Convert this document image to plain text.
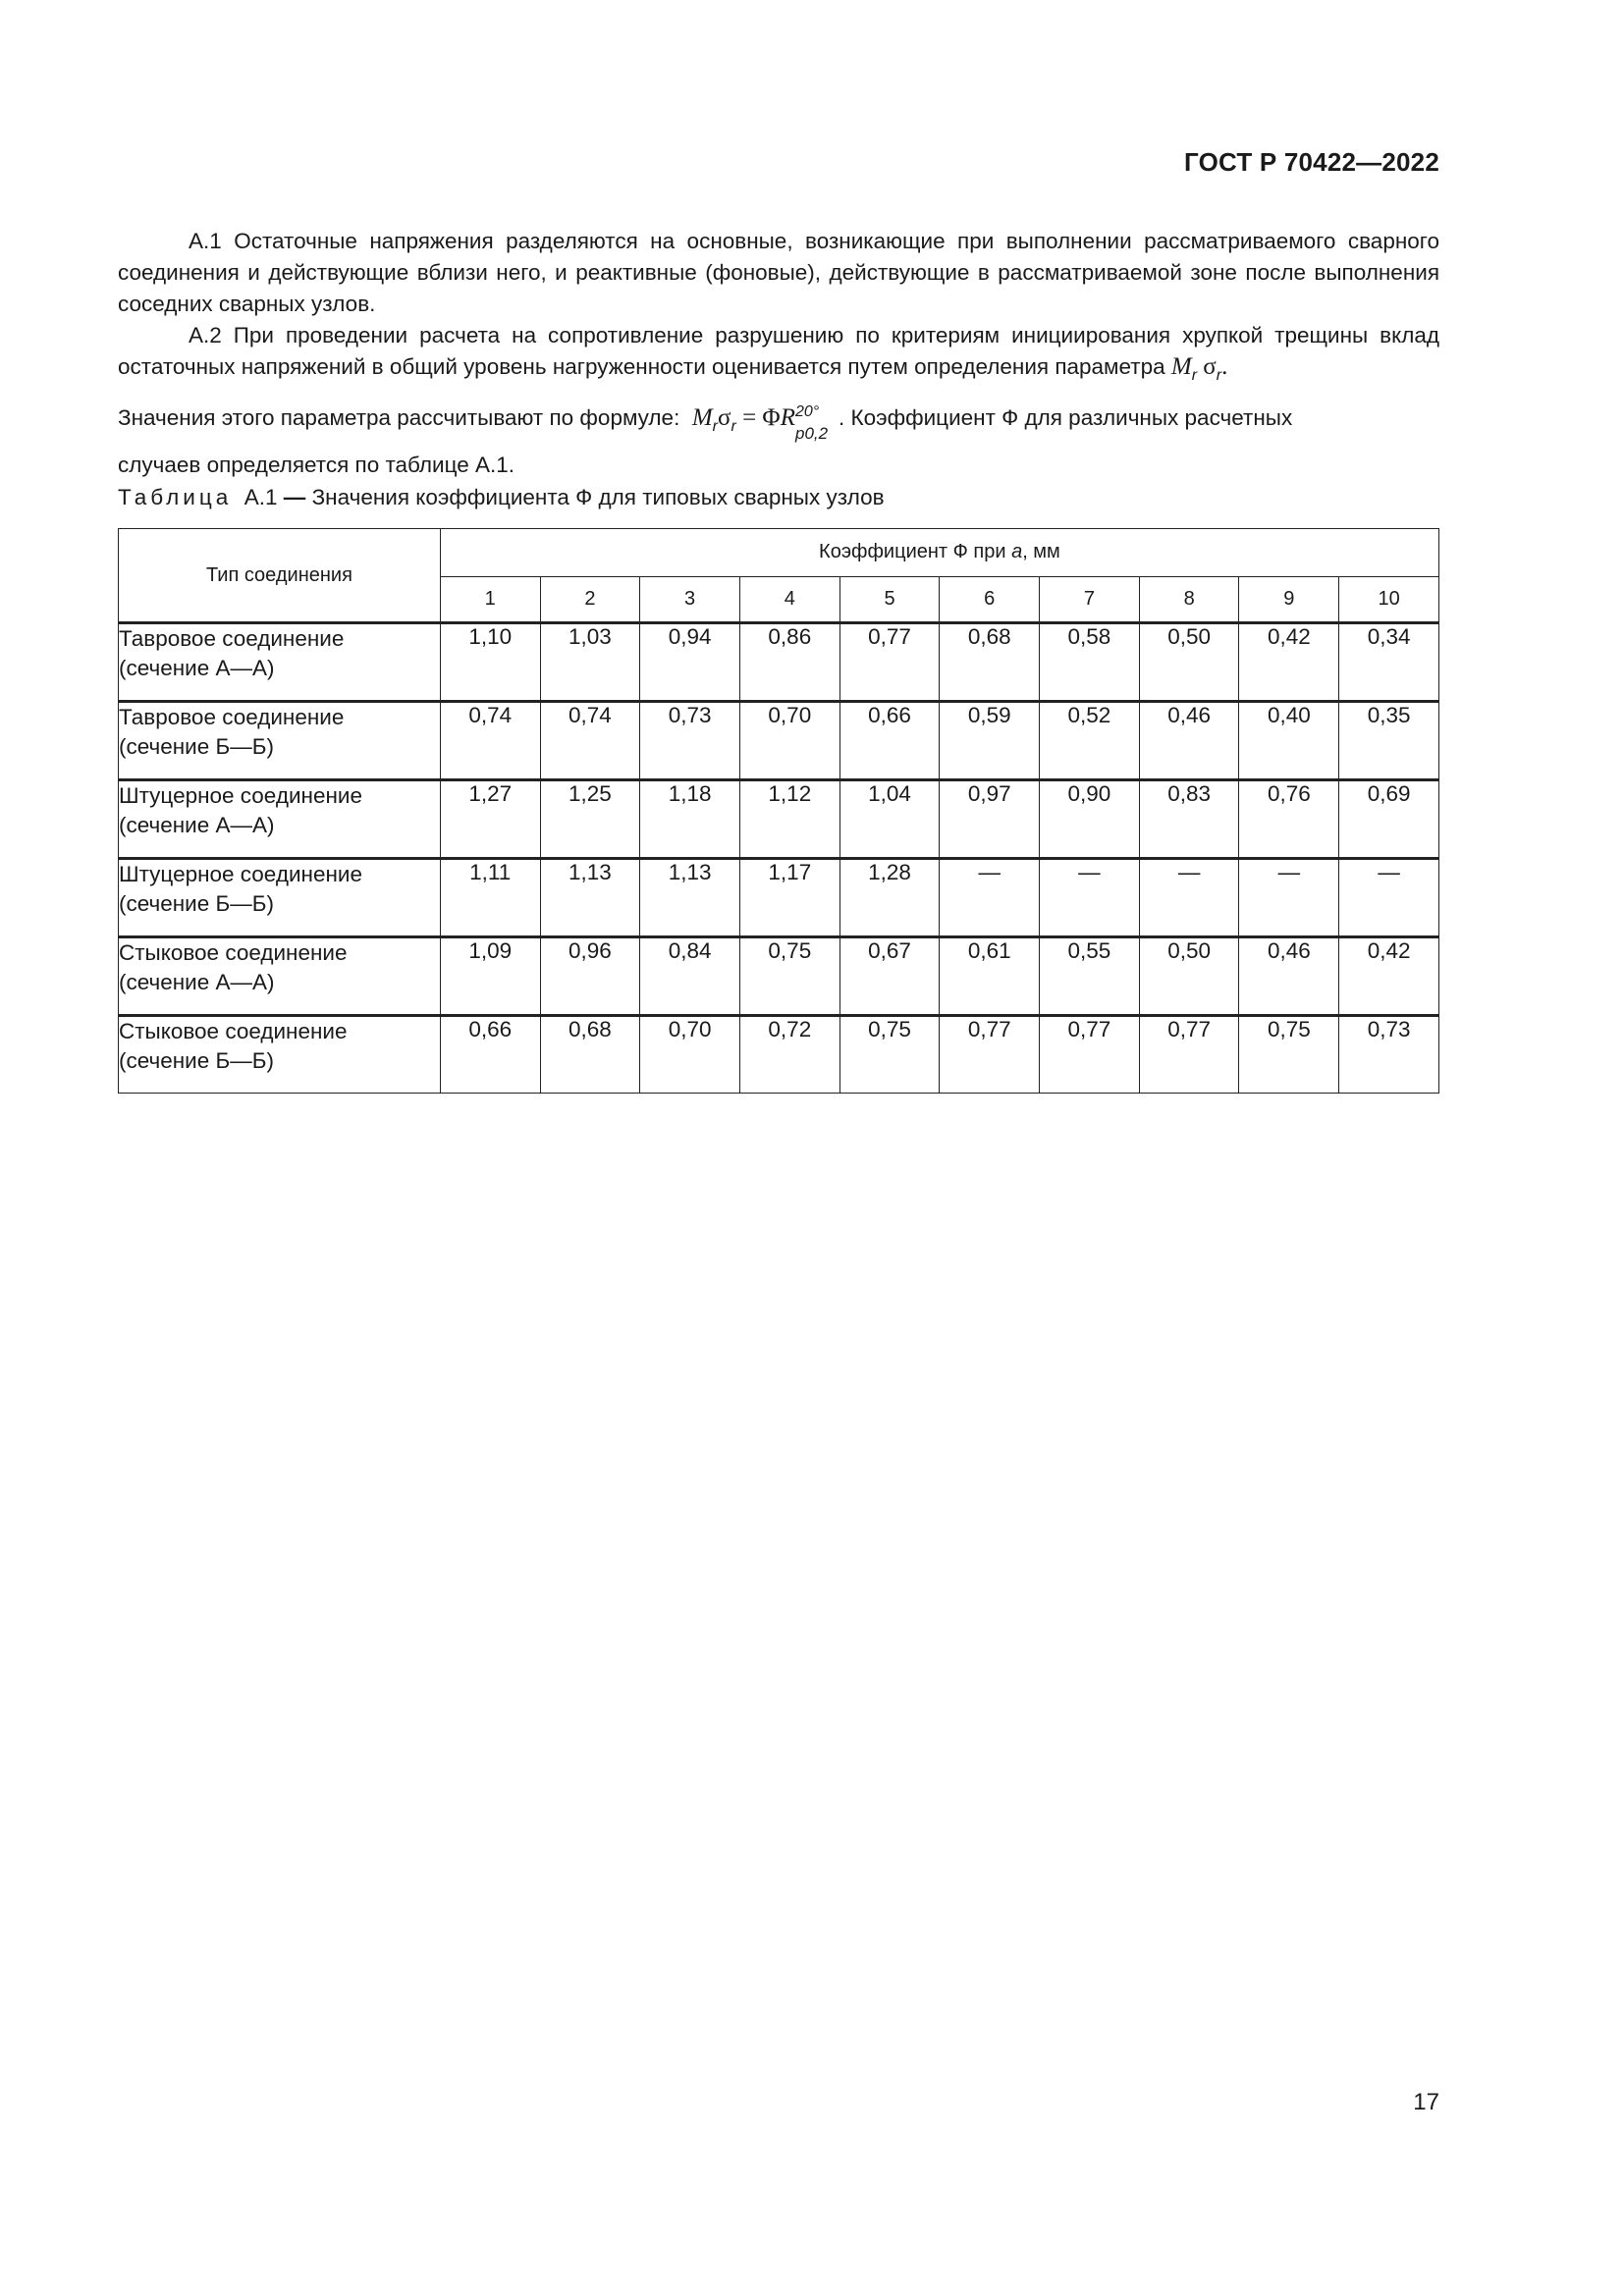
ГОСТ Р 70422—2022

А.1 Остаточные напряжения разделяются на основные, возникающие при выполнении рассматриваемого сварного соединения и действующие вблизи него, и реактивные (фоновые), действующие в рассматриваемой зоне после выполнения соседних сварных узлов.

А.2 При проведении расчета на сопротивление разрушению по критериям инициирования хрупкой трещины вклад остаточных напряжений в общий уровень нагруженности оценивается путем определения параметра $M_r$ $\sigma_r$.

Значения этого параметра рассчитывают по формуле: $M_r\sigma_r = \Phi R$ 20°
p0,2
. Коэффициент Ф для различных расчетных

случаев определяется по таблице А.1.

Таблица А.1 — Значения коэффициента Ф для типовых сварных узлов
Тип соединения	Коэффициент Ф при a, мм									
	1	2	3	4	5	6	7	8	9	10

Тавровое соединение
(сечение А—А)	1,10	1,03	0,94	0,86	0,77	0,68	0,58	0,50	0,42	0,34

Тавровое соединение
(сечение Б—Б)	0,74	0,74	0,73	0,70	0,66	0,59	0,52	0,46	0,40	0,35

Штуцерное соединение
(сечение А—А)	1,27	1,25	1,18	1,12	1,04	0,97	0,90	0,83	0,76	0,69

Штуцерное соединение
(сечение Б—Б)	1,11	1,13	1,13	1,17	1,28	—	—	—	—	—

Стыковое соединение
(сечение А—А)	1,09	0,96	0,84	0,75	0,67	0,61	0,55	0,50	0,46	0,42

Стыковое соединение
(сечение Б—Б)	0,66	0,68	0,70	0,72	0,75	0,77	0,77	0,77	0,75	0,73
17
